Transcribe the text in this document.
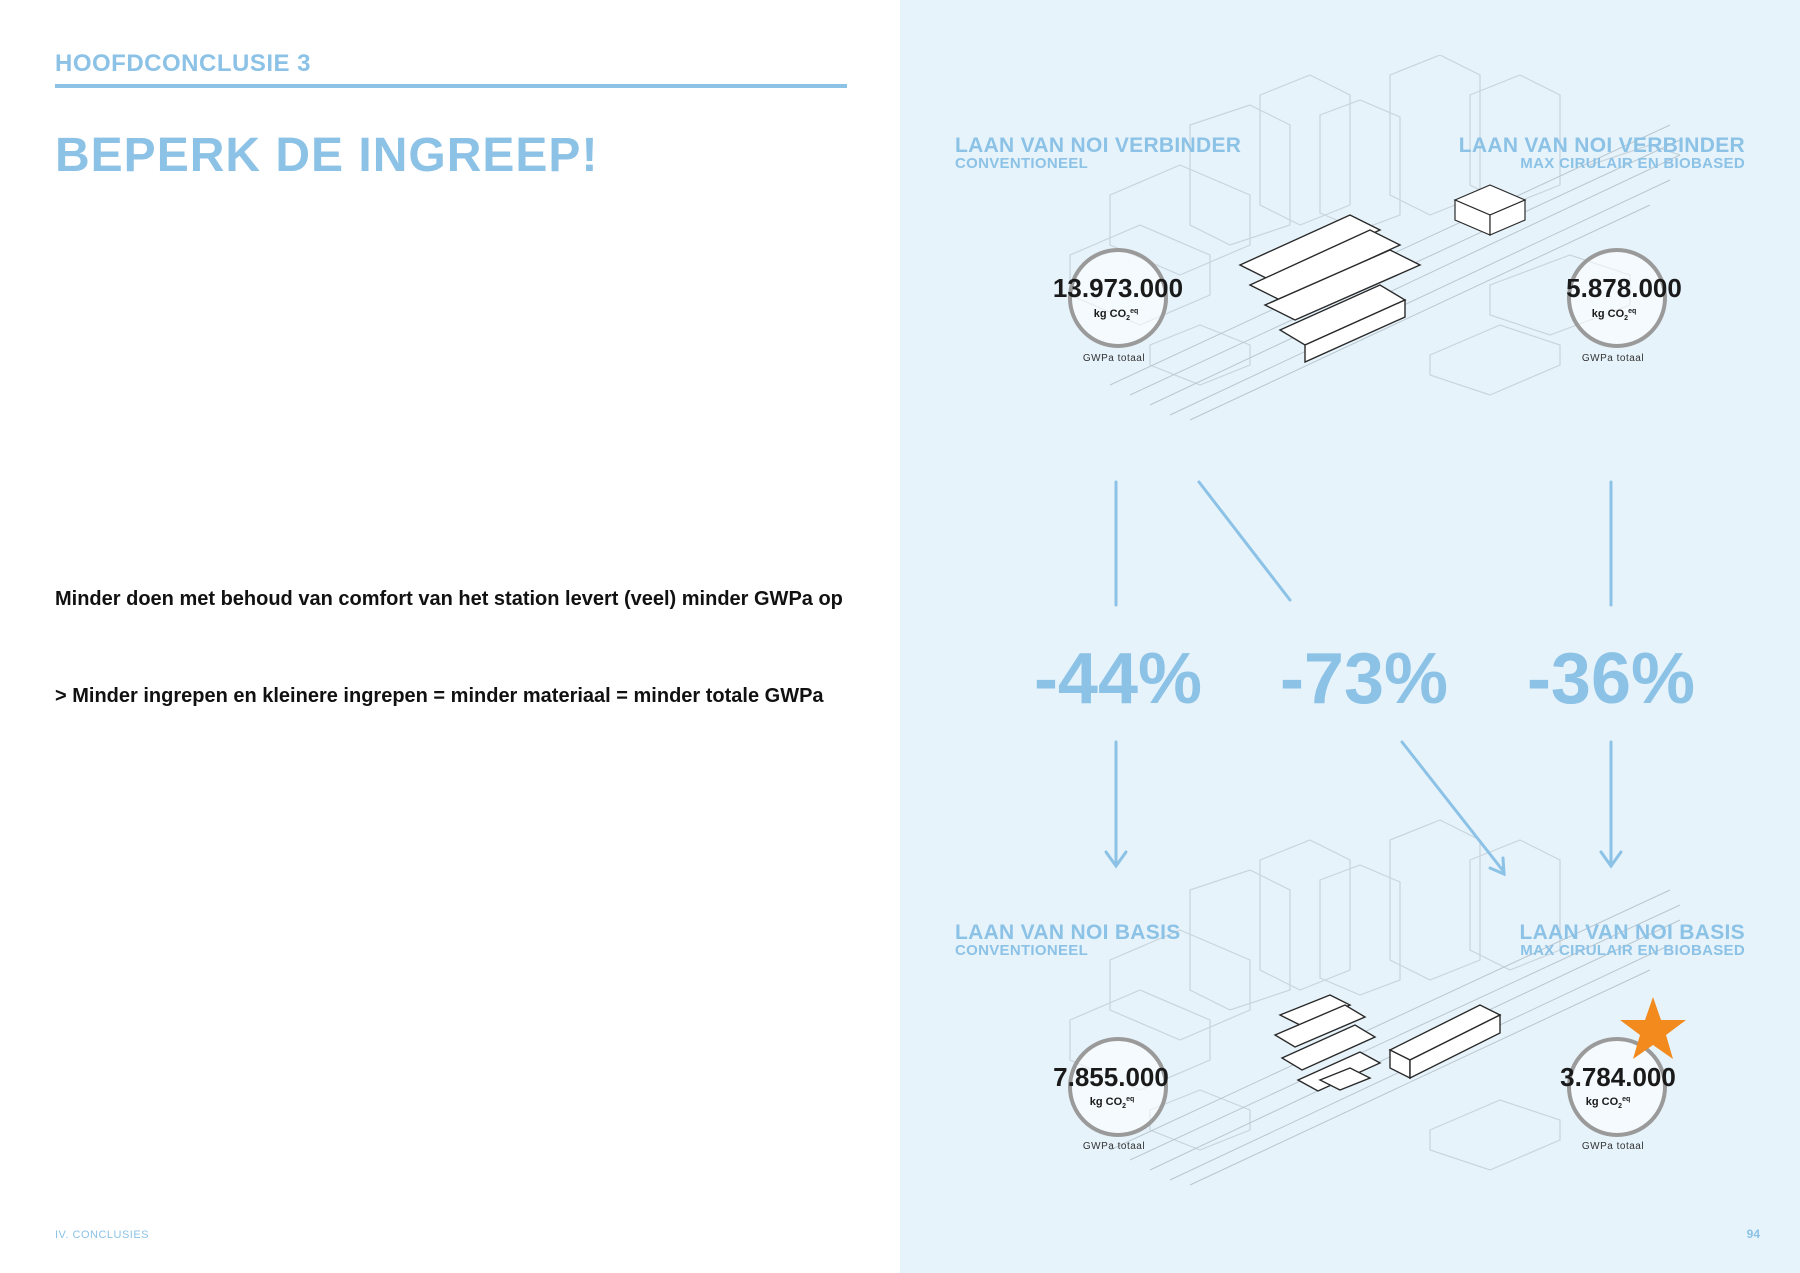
HOOFDCONCLUSIE 3
BEPERK DE INGREEP!
Minder doen met behoud van comfort van het station levert (veel) minder GWPa op
> Minder ingrepen en kleinere ingrepen = minder materiaal = minder totale GWPa
IV. CONCLUSIES
LAAN VAN NOI VERBINDER
CONVENTIONEEL
LAAN VAN NOI VERBINDER
MAX CIRULAIR EN BIOBASED
LAAN VAN NOI BASIS
CONVENTIONEEL
LAAN VAN NOI BASIS
MAX CIRULAIR EN BIOBASED
13.973.000
kg $CO_2^{eq}$
GWPa totaal
5.878.000
kg $CO_2^{eq}$
GWPa totaal
7.855.000
kg $CO_2^{eq}$
GWPa totaal
3.784.000
kg $CO_2^{eq}$
GWPa totaal
-44%	-73%	-36%
94
